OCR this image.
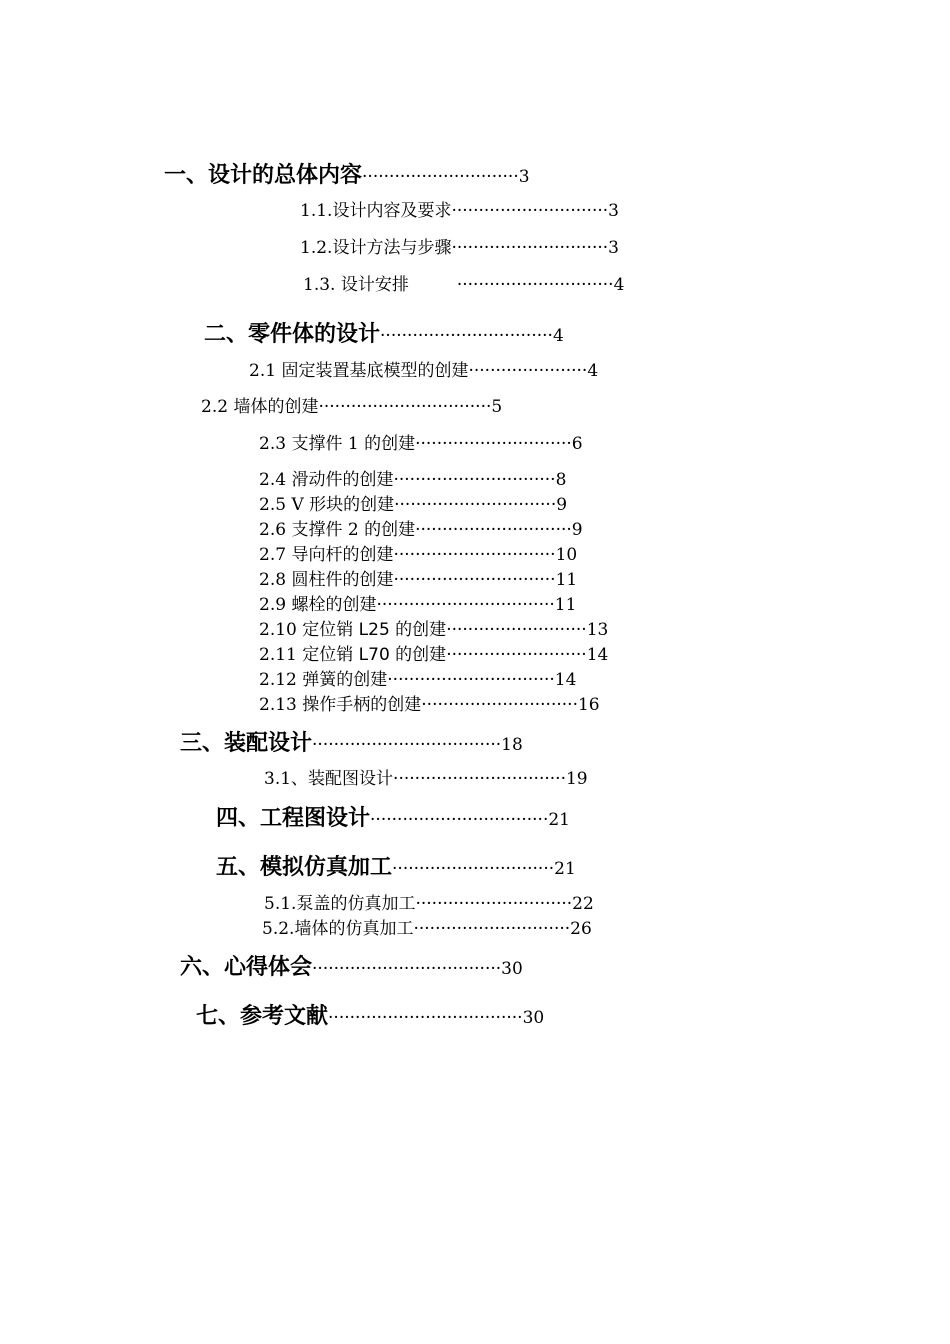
一、设计的总体内容·····························3
1.1.设计内容及要求·····························3
1.2.设计方法与步骤·····························3
1.3. 设计安排	·····························4
二、零件体的设计································4
2.1 固定装置基底模型的创建······················4
2.2 墙体的创建································5
2.3 支撑件 1 的创建·····························6
2.4 滑动件的创建······························8
2.5 V 形块的创建······························9
2.6 支撑件 2 的创建·····························9
2.7 导向杆的创建······························10
2.8 圆柱件的创建······························11
2.9 螺栓的创建·································11
2.10 定位销 L25 的创建··························13
2.11 定位销 L70 的创建··························14
2.12 弹簧的创建·······························14
2.13 操作手柄的创建·····························16
三、装配设计···································18
3.1、装配图设计································19
四、工程图设计·································21
五、模拟仿真加工······························21
5.1.泵盖的仿真加工·····························22
5.2.墙体的仿真加工·····························26
六、心得体会···································30
七、参考文献····································30
